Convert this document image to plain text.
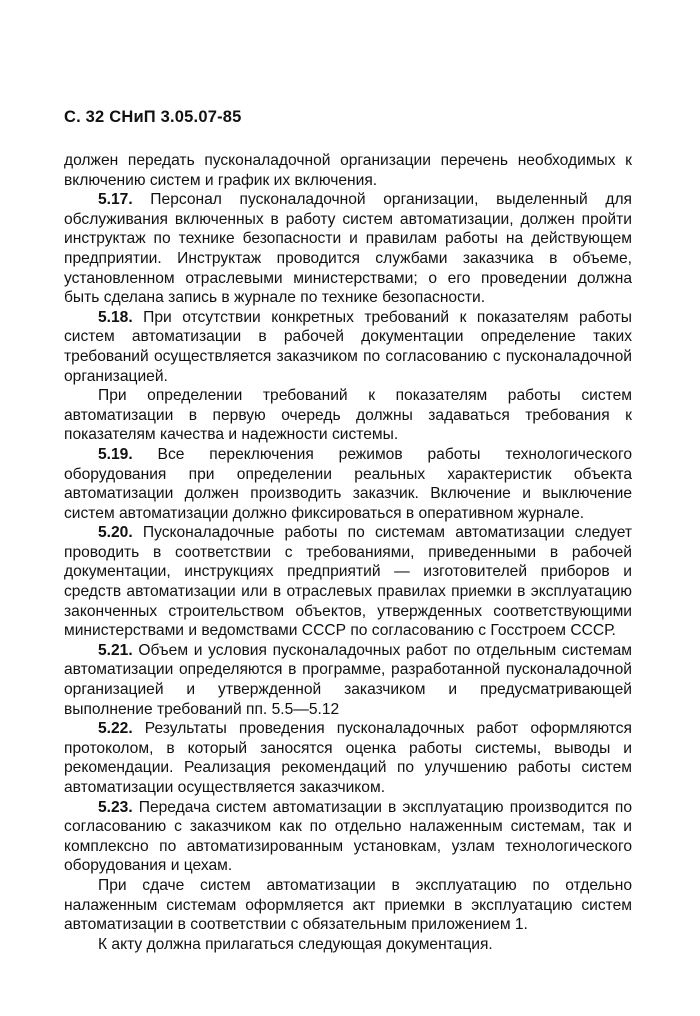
С. 32 СНиП 3.05.07-85

должен передать пусконаладочной организации перечень необходимых к включению систем и график их включения.

5.17. Персонал пусконаладочной организации, выделенный для обслуживания включенных в работу систем автоматизации, должен пройти инструктаж по технике безопасности и правилам работы на действующем предприятии. Инструктаж проводится службами заказчика в объеме, установленном отраслевыми министерствами; о его проведении должна быть сделана запись в журнале по технике безопасности.

5.18. При отсутствии конкретных требований к показателям работы систем автоматизации в рабочей документации определение таких требований осуществляется заказчиком по согласованию с пусконаладочной организацией.

При определении требований к показателям работы систем автоматизации в первую очередь должны задаваться требования к показателям качества и надежности системы.

5.19. Все переключения режимов работы технологического оборудования при определении реальных характеристик объекта автоматизации должен производить заказчик. Включение и выключение систем автоматизации должно фиксироваться в оперативном журнале.

5.20. Пусконаладочные работы по системам автоматизации следует проводить в соответствии с требованиями, приведенными в рабочей документации, инструкциях предприятий — изготовителей приборов и средств автоматизации или в отраслевых правилах приемки в эксплуатацию законченных строительством объектов, утвержденных соответствующими министерствами и ведомствами СССР по согласованию с Госстроем СССР.

5.21. Объем и условия пусконаладочных работ по отдельным системам автоматизации определяются в программе, разработанной пусконаладочной организацией и утвержденной заказчиком и предусматривающей выполнение требований пп. 5.5—5.12

5.22. Результаты проведения пусконаладочных работ оформляются протоколом, в который заносятся оценка работы системы, выводы и рекомендации. Реализация рекомендаций по улучшению работы систем автоматизации осуществляется заказчиком.

5.23. Передача систем автоматизации в эксплуатацию производится по согласованию с заказчиком как по отдельно налаженным системам, так и комплексно по автоматизированным установкам, узлам технологического оборудования и цехам.

При сдаче систем автоматизации в эксплуатацию по отдельно налаженным системам оформляется акт приемки в эксплуатацию систем автоматизации в соответствии с обязательным приложением 1.

К акту должна прилагаться следующая документация.
